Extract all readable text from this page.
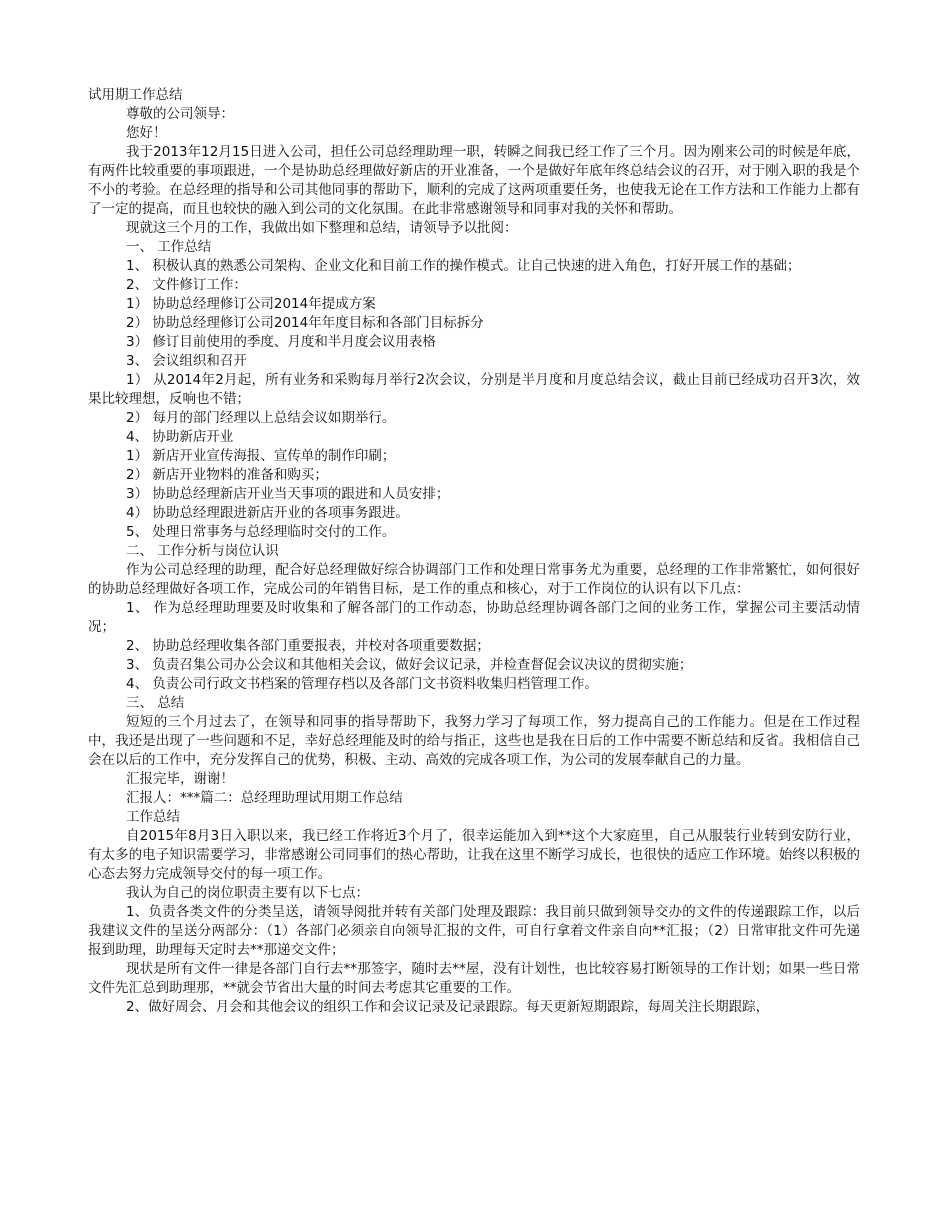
试用期工作总结

尊敬的公司领导：

您好！

我于2013年12月15日进入公司，担任公司总经理助理一职，转瞬之间我已经工作了三个月。因为刚来公司的时候是年底，有两件比较重要的事项跟进，一个是协助总经理做好新店的开业准备，一个是做好年底年终总结会议的召开，对于刚入职的我是个不小的考验。在总经理的指导和公司其他同事的帮助下，顺利的完成了这两项重要任务，也使我无论在工作方法和工作能力上都有了一定的提高，而且也较快的融入到公司的文化氛围。在此非常感谢领导和同事对我的关怀和帮助。

现就这三个月的工作，我做出如下整理和总结，请领导予以批阅：

一、 工作总结

1、 积极认真的熟悉公司架构、企业文化和目前工作的操作模式。让自己快速的进入角色，打好开展工作的基础；

2、 文件修订工作：

1） 协助总经理修订公司2014年提成方案

2） 协助总经理修订公司2014年年度目标和各部门目标拆分

3） 修订目前使用的季度、月度和半月度会议用表格

3、 会议组织和召开

1） 从2014年2月起，所有业务和采购每月举行2次会议，分别是半月度和月度总结会议，截止目前已经成功召开3次，效果比较理想，反响也不错；

2） 每月的部门经理以上总结会议如期举行。

4、 协助新店开业

1） 新店开业宣传海报、宣传单的制作印刷；

2） 新店开业物料的准备和购买；

3） 协助总经理新店开业当天事项的跟进和人员安排；

4） 协助总经理跟进新店开业的各项事务跟进。

5、 处理日常事务与总经理临时交付的工作。

二、 工作分析与岗位认识

作为公司总经理的助理，配合好总经理做好综合协调部门工作和处理日常事务尤为重要，总经理的工作非常繁忙，如何很好的协助总经理做好各项工作，完成公司的年销售目标，是工作的重点和核心，对于工作岗位的认识有以下几点：

1、 作为总经理助理要及时收集和了解各部门的工作动态，协助总经理协调各部门之间的业务工作，掌握公司主要活动情况；

2、 协助总经理收集各部门重要报表，并校对各项重要数据；

3、 负责召集公司办公会议和其他相关会议，做好会议记录，并检查督促会议决议的贯彻实施；

4、 负责公司行政文书档案的管理存档以及各部门文书资料收集归档管理工作。

三、 总结

短短的三个月过去了，在领导和同事的指导帮助下，我努力学习了每项工作，努力提高自己的工作能力。但是在工作过程中，我还是出现了一些问题和不足，幸好总经理能及时的给与指正，这些也是我在日后的工作中需要不断总结和反省。我相信自己会在以后的工作中，充分发挥自己的优势，积极、主动、高效的完成各项工作，为公司的发展奉献自己的力量。

汇报完毕，谢谢！

汇报人：***篇二：总经理助理试用期工作总结

工作总结

自2015年8月3日入职以来，我已经工作将近3个月了，很幸运能加入到**这个大家庭里，自己从服装行业转到安防行业，有太多的电子知识需要学习，非常感谢公司同事们的热心帮助，让我在这里不断学习成长，也很快的适应工作环境。始终以积极的心态去努力完成领导交付的每一项工作。

我认为自己的岗位职责主要有以下七点：

1、负责各类文件的分类呈送，请领导阅批并转有关部门处理及跟踪：我目前只做到领导交办的文件的传递跟踪工作，以后我建议文件的呈送分两部分：（1）各部门必须亲自向领导汇报的文件，可自行拿着文件亲自向**汇报；（2）日常审批文件可先递报到助理，助理每天定时去**那递交文件；

现状是所有文件一律是各部门自行去**那签字，随时去**屋，没有计划性，也比较容易打断领导的工作计划；如果一些日常文件先汇总到助理那，**就会节省出大量的时间去考虑其它重要的工作。

2、做好周会、月会和其他会议的组织工作和会议记录及记录跟踪。每天更新短期跟踪，每周关注长期跟踪，
